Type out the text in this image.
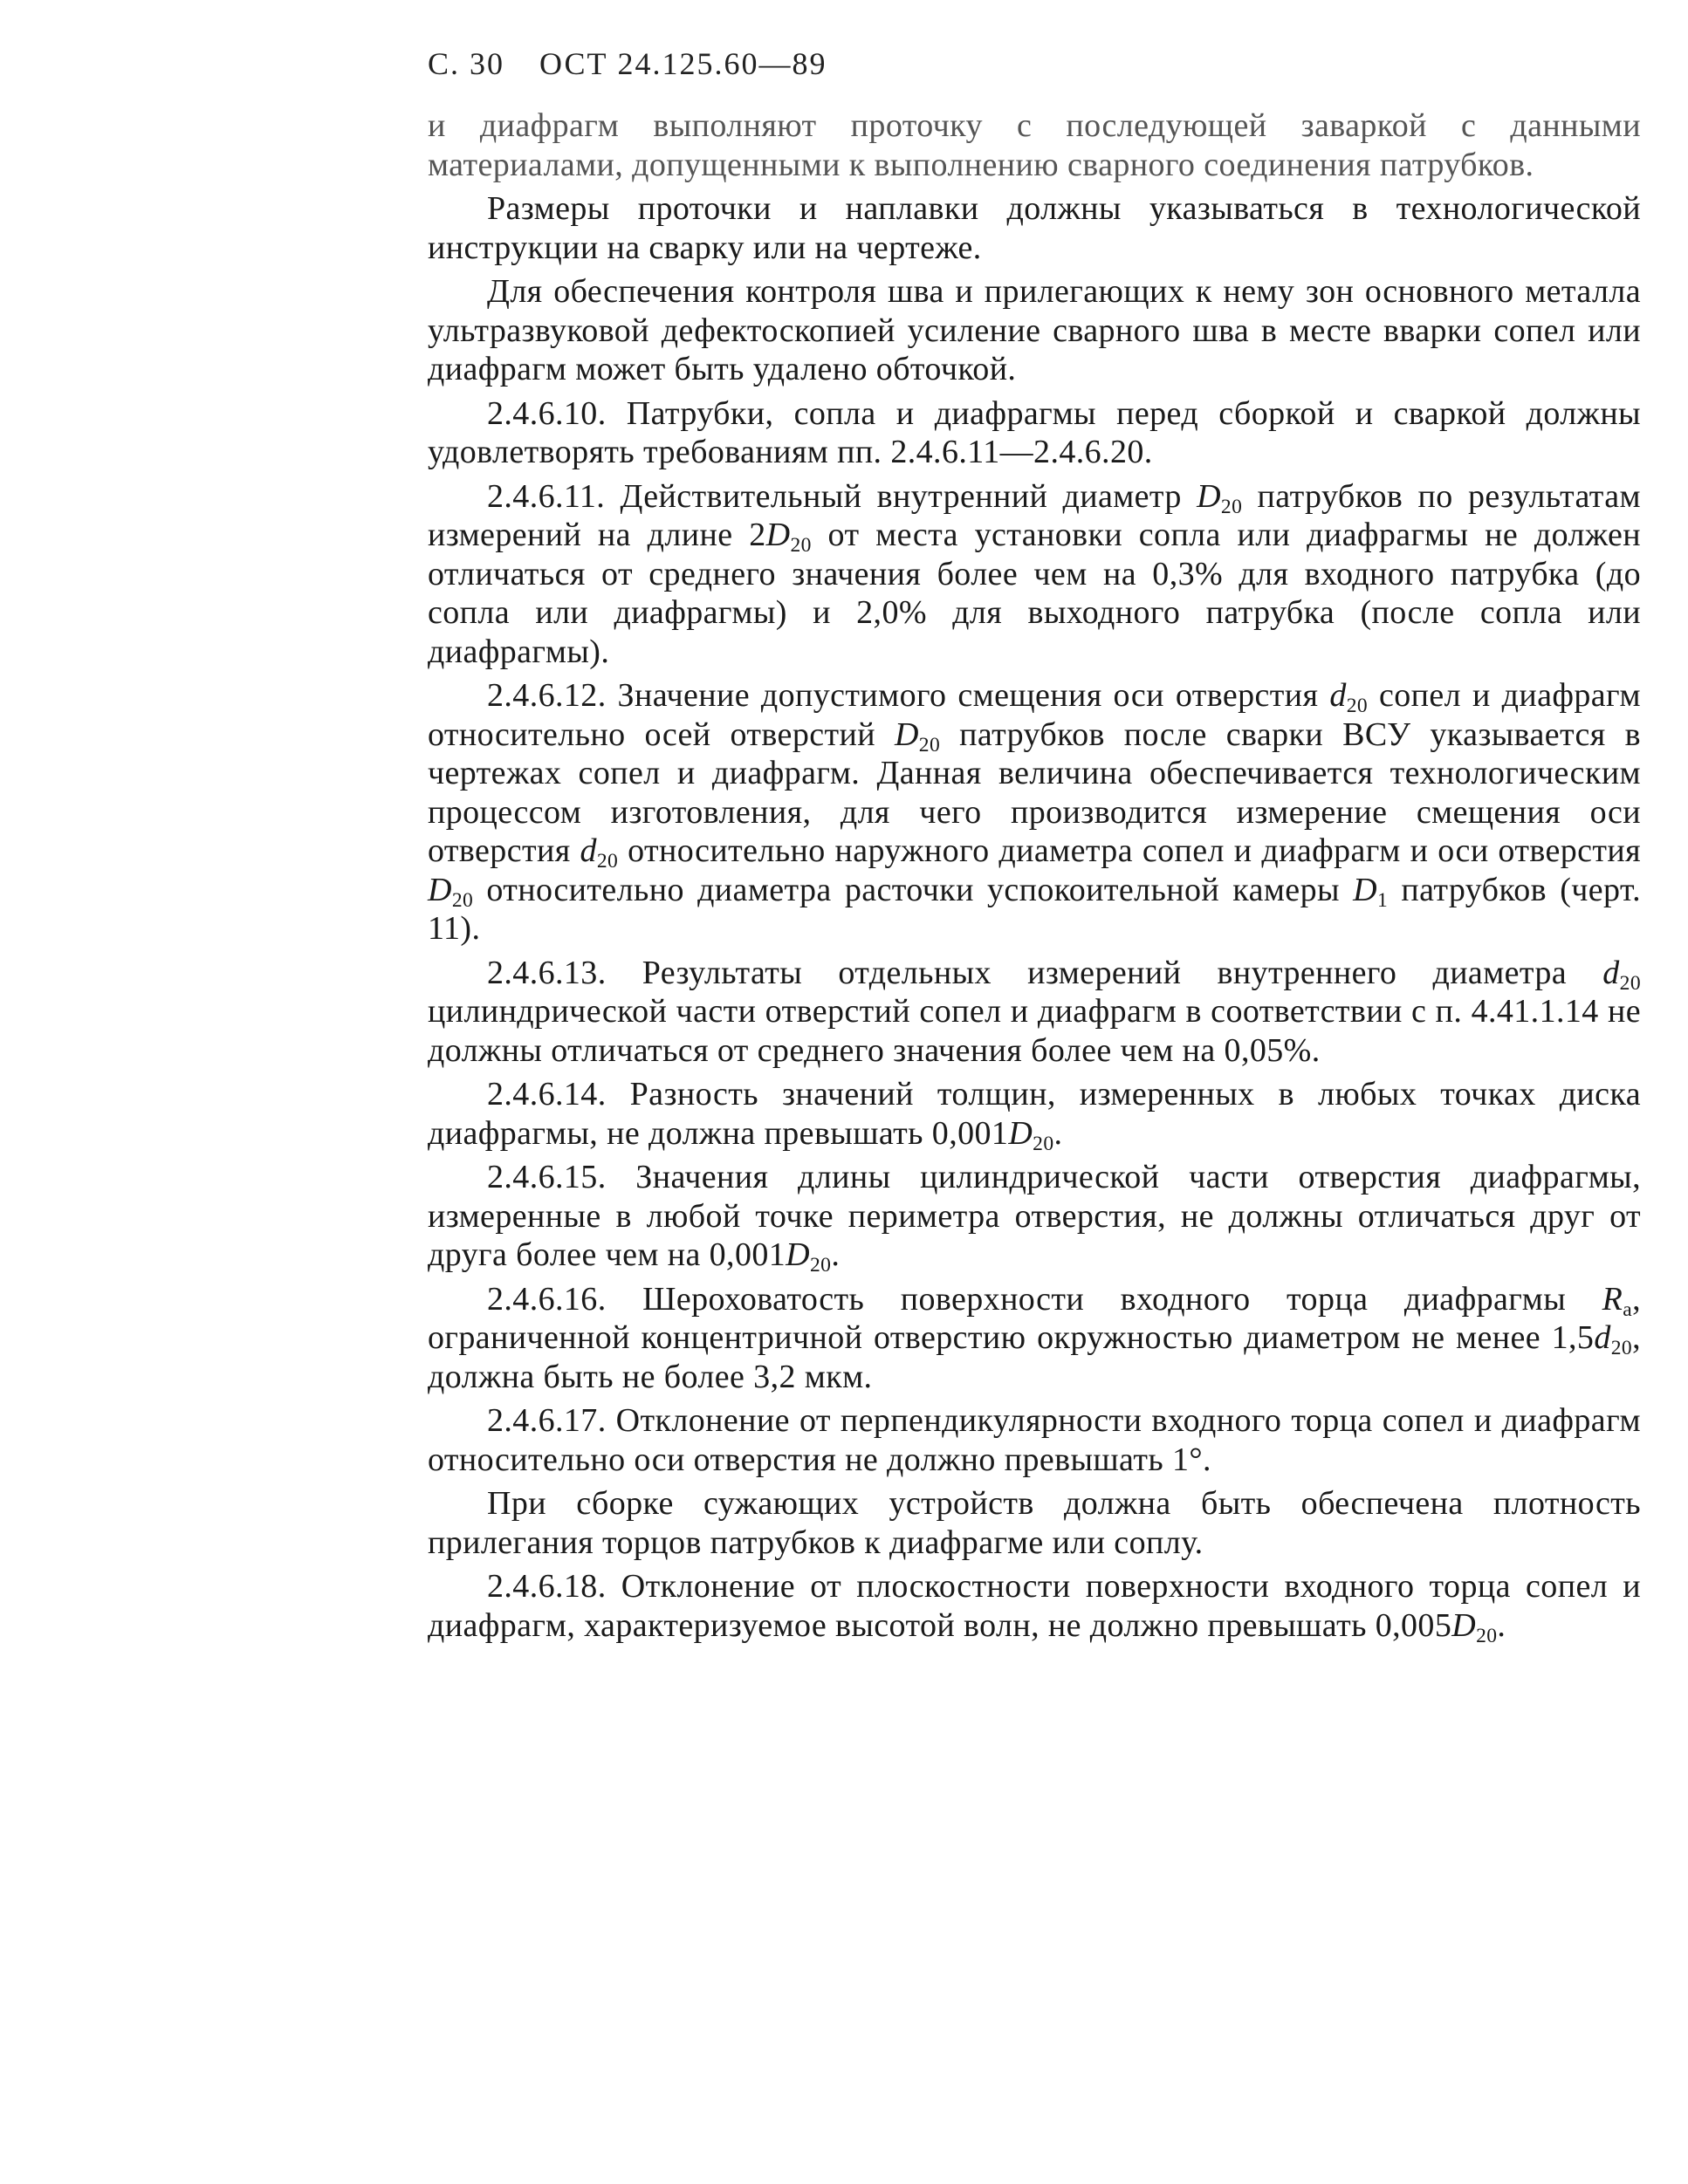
С. 30 ОСТ 24.125.60—89

и диафрагм выполняют проточку с последующей заваркой с данными материалами, допущенными к выполнению сварного соединения патрубков.

Размеры проточки и наплавки должны указываться в технологической инструкции на сварку или на чертеже.

Для обеспечения контроля шва и прилегающих к нему зон основного металла ультразвуковой дефектоскопией усиление сварного шва в месте вварки сопел или диафрагм может быть удалено обточкой.

2.4.6.10. Патрубки, сопла и диафрагмы перед сборкой и сваркой должны удовлетворять требованиям пп. 2.4.6.11—2.4.6.20.

2.4.6.11. Действительный внутренний диаметр $D_{20}$ патрубков по результатам измерений на длине $2D_{20}$ от места установки сопла или диафрагмы не должен отличаться от среднего значения более чем на 0,3% для входного патрубка (до сопла или диафрагмы) и 2,0% для выходного патрубка (после сопла или диафрагмы).

2.4.6.12. Значение допустимого смещения оси отверстия $d_{20}$ сопел и диафрагм относительно осей отверстий $D_{20}$ патрубков после сварки ВСУ указывается в чертежах сопел и диафрагм. Данная величина обеспечивается технологическим процессом изготовления, для чего производится измерение смещения оси отверстия $d_{20}$ относительно наружного диаметра сопел и диафрагм и оси отверстия $D_{20}$ относительно диаметра расточки успокоительной камеры $D_1$ патрубков (черт. 11).

2.4.6.13. Результаты отдельных измерений внутреннего диаметра $d_{20}$ цилиндрической части отверстий сопел и диафрагм в соответствии с п. 4.41.1.14 не должны отличаться от среднего значения более чем на 0,05%.

2.4.6.14. Разность значений толщин, измеренных в любых точках диска диафрагмы, не должна превышать $0,001D_{20}$.

2.4.6.15. Значения длины цилиндрической части отверстия диафрагмы, измеренные в любой точке периметра отверстия, не должны отличаться друг от друга более чем на $0,001D_{20}$.

2.4.6.16. Шероховатость поверхности входного торца диафрагмы $R_a$, ограниченной концентричной отверстию окружностью диаметром не менее $1,5d_{20}$, должна быть не более 3,2 мкм.

2.4.6.17. Отклонение от перпендикулярности входного торца сопел и диафрагм относительно оси отверстия не должно превышать 1°.

При сборке сужающих устройств должна быть обеспечена плотность прилегания торцов патрубков к диафрагме или соплу.

2.4.6.18. Отклонение от плоскостности поверхности входного торца сопел и диафрагм, характеризуемое высотой волн, не должно превышать $0,005D_{20}$.
